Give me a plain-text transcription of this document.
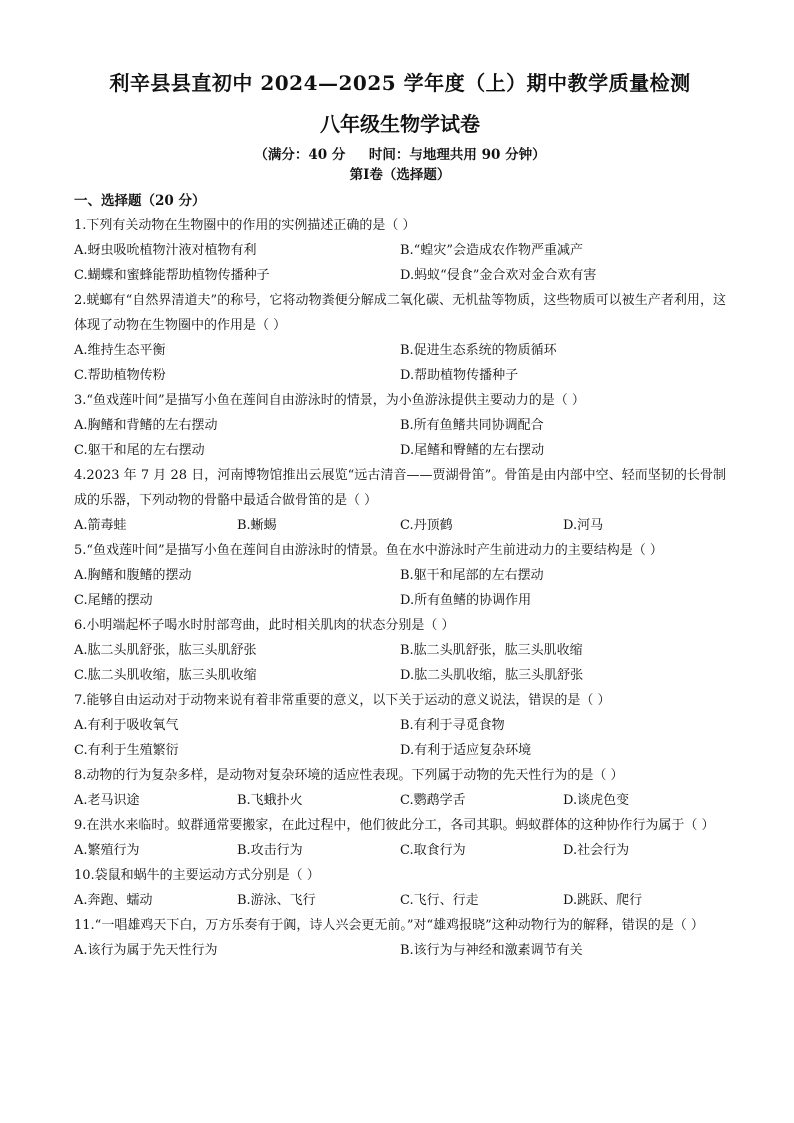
利辛县县直初中 2024—2025 学年度（上）期中教学质量检测
八年级生物学试卷
（满分：40 分     时间：与地理共用 90 分钟）
第Ⅰ卷（选择题）
一、选择题（20 分）
1.下列有关动物在生物圈中的作用的实例描述正确的是（ ）
A.蚜虫吸吮植物汁液对植物有利	B.“蝗灾”会造成农作物严重减产
C.蝴蝶和蜜蜂能帮助植物传播种子	D.蚂蚁“侵食”金合欢对金合欢有害
2.蜣螂有“自然界清道夫”的称号，它将动物粪便分解成二氧化碳、无机盐等物质，这些物质可以被生产者利用，这体现了动物在生物圈中的作用是（ ）
A.维持生态平衡	B.促进生态系统的物质循环
C.帮助植物传粉	D.帮助植物传播种子
3.“鱼戏莲叶间”是描写小鱼在莲间自由游泳时的情景，为小鱼游泳提供主要动力的是（ ）
A.胸鳍和背鳍的左右摆动	B.所有鱼鳍共同协调配合
C.躯干和尾的左右摆动	D.尾鳍和臀鳍的左右摆动
4.2023 年 7 月 28 日，河南博物馆推出云展览“远古清音——贾湖骨笛”。骨笛是由内部中空、轻而坚韧的长骨制成的乐器，下列动物的骨骼中最适合做骨笛的是（ ）
A.箭毒蛙	B.蜥蜴	C.丹顶鹤	D.河马
5.“鱼戏莲叶间”是描写小鱼在莲间自由游泳时的情景。鱼在水中游泳时产生前进动力的主要结构是（ ）
A.胸鳍和腹鳍的摆动	B.躯干和尾部的左右摆动
C.尾鳍的摆动	D.所有鱼鳍的协调作用
6.小明端起杯子喝水时肘部弯曲，此时相关肌肉的状态分别是（ ）
A.肱二头肌舒张，肱三头肌舒张	B.肱二头肌舒张，肱三头肌收缩
C.肱二头肌收缩，肱三头肌收缩	D.肱二头肌收缩，肱三头肌舒张
7.能够自由运动对于动物来说有着非常重要的意义，以下关于运动的意义说法，错误的是（ ）
A.有利于吸收氧气	B.有利于寻觅食物
C.有利于生殖繁衍	D.有利于适应复杂环境
8.动物的行为复杂多样，是动物对复杂环境的适应性表现。下列属于动物的先天性行为的是（ ）
A.老马识途	B.飞蛾扑火	C.鹦鹉学舌	D.谈虎色变
9.在洪水来临时。蚁群通常要搬家，在此过程中，他们彼此分工，各司其职。蚂蚁群体的这种协作行为属于（ ）
A.繁殖行为	B.攻击行为	C.取食行为	D.社会行为
10.袋鼠和蜗牛的主要运动方式分别是（ ）
A.奔跑、蠕动	B.游泳、飞行	C.飞行、行走	D.跳跃、爬行
11.“一唱雄鸡天下白，万方乐奏有于阗，诗人兴会更无前。”对“雄鸡报晓”这种动物行为的解释，错误的是（ ）
A.该行为属于先天性行为	B.该行为与神经和激素调节有关
